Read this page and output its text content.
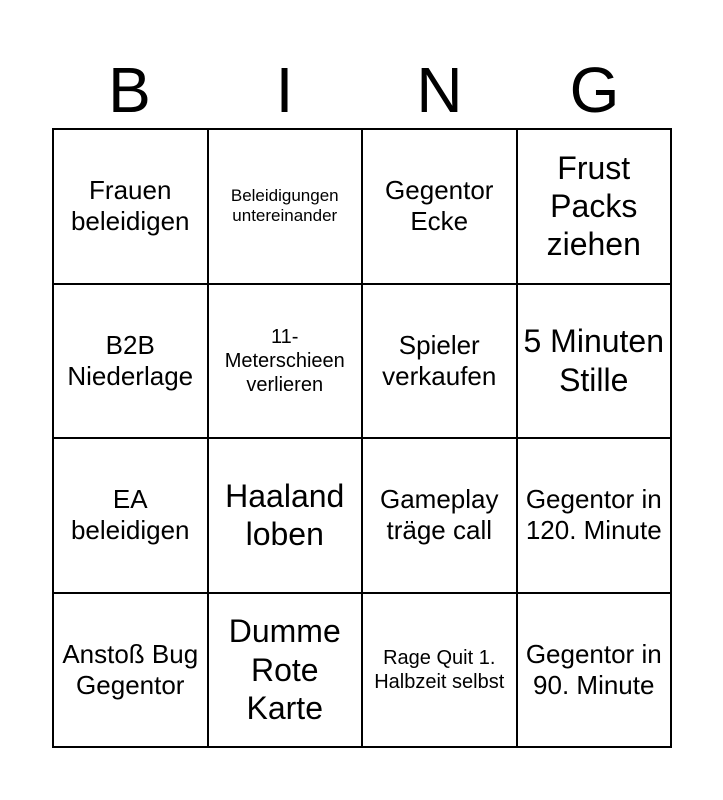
B	I	N	G
Frauen beleidigen
Beleidigungen untereinander
Gegentor Ecke
Frust Packs ziehen
B2B Niederlage
11-Meterschieen verlieren
Spieler verkaufen
5 Minuten Stille
EA beleidigen
Haaland loben
Gameplay träge call
Gegentor in 120. Minute
Anstoß Bug Gegentor
Dumme Rote Karte
Rage Quit 1. Halbzeit selbst
Gegentor in 90. Minute
